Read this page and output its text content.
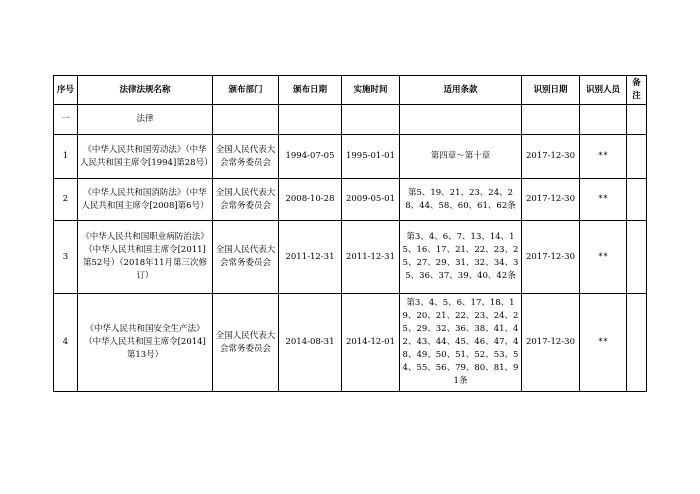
序号	法律法规名称	颁布部门	颁布日期	实施时间	适用条款	识别日期	识别人员	备注
一	法律							
1	《中华人民共和国劳动法》（中华人民共和国主席令[1994]第28号）	全国人民代表大会常务委员会	1994-07-05	1995-01-01	第四章～第十章	2017-12-30	**	
2	《中华人民共和国消防法》（中华人民共和国主席令[2008]第6号）	全国人民代表大会常务委员会	2008-10-28	2009-05-01	第5、19、21、23、24、28、44、58、60、61、62条	2017-12-30	**	
3	《中华人民共和国职业病防治法》（中华人民共和国主席令[2011]第52号）（2018年11月第三次修订）	全国人民代表大会常务委员会	2011-12-31	2011-12-31	第3、4、6、7、13、14、15、16、17、21、22、23、25、27、29、31、32、34、35、36、37、39、40、42条	2017-12-30	**	
4	《中华人民共和国安全生产法》（中华人民共和国主席令[2014]第13号）	全国人民代表大会常务委员会	2014-08-31	2014-12-01	第3、4、5、6、17、18、19、20、21、22、23、24、25、29、32、36、38、41、42、43、44、45、46、47、48、49、50、51、52、53、54、55、56、79、80、81、91条	2017-12-30	**	
